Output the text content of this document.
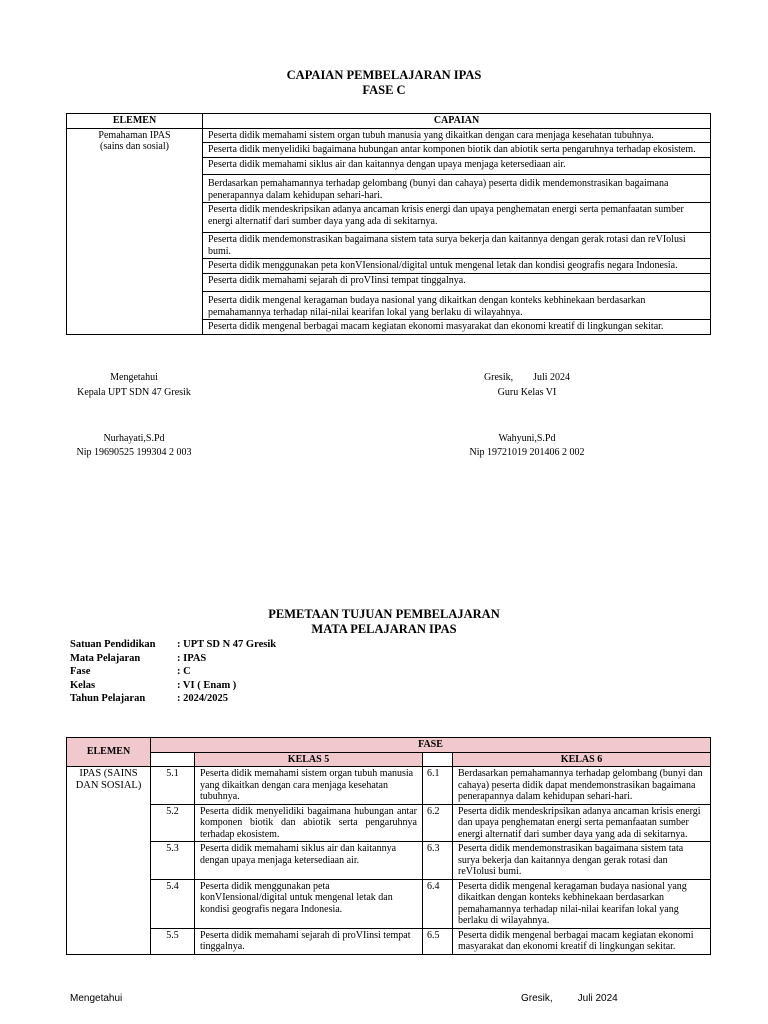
CAPAIAN PEMBELAJARAN IPAS
FASE C
ELEMEN	CAPAIAN

Pemahaman IPAS
(sains dan sosial)	Peserta didik memahami sistem organ tubuh manusia yang dikaitkan dengan cara menjaga kesehatan tubuhnya.
	Peserta didik menyelidiki bagaimana hubungan antar komponen biotik dan abiotik serta pengaruhnya terhadap ekosistem.
	Peserta didik memahami siklus air dan kaitannya dengan upaya menjaga ketersediaan air.
	Berdasarkan pemahamannya terhadap gelombang (bunyi dan cahaya) peserta didik mendemonstrasikan bagaimana penerapannya dalam kehidupan sehari-hari.
	Peserta didik mendeskripsikan adanya ancaman krisis energi dan upaya penghematan energi serta pemanfaatan sumber energi alternatif dari sumber daya yang ada di sekitarnya.
	Peserta didik mendemonstrasikan bagaimana sistem tata surya bekerja dan kaitannya dengan gerak rotasi dan reVIolusi bumi.
	Peserta didik menggunakan peta konVIensional/digital untuk mengenal letak dan kondisi geografis negara Indonesia.
	Peserta didik memahami sejarah di proVIinsi tempat tinggalnya.
	Peserta didik mengenal keragaman budaya nasional yang dikaitkan dengan konteks kebhinekaan berdasarkan pemahamannya terhadap nilai-nilai kearifan lokal yang berlaku di wilayahnya.
	Peserta didik mengenal berbagai macam kegiatan ekonomi masyarakat dan ekonomi kreatif di lingkungan sekitar.
Mengetahui
Kepala UPT SDN 47 Gresik
Nurhayati,S.Pd
Nip 19690525 199304 2 003
Gresik,        Juli 2024
Guru Kelas VI
Wahyuni,S.Pd
Nip 19721019 201406 2 002
PEMETAAN TUJUAN PEMBELAJARAN
MATA PELAJARAN IPAS
Satuan Pendidikan : UPT SD N 47 Gresik
Mata Pelajaran	: IPAS
Fase	: C
Kelas	: VI ( Enam )
Tahun Pelajaran	: 2024/2025
ELEMEN	FASE			
		KELAS 5		KELAS 6

IPAS (SAINS
DAN SOSIAL)	5.1	Peserta didik memahami sistem organ tubuh manusia yang dikaitkan dengan cara menjaga kesehatan tubuhnya.	6.1	Berdasarkan pemahamannya terhadap gelombang (bunyi dan cahaya) peserta didik dapat mendemonstrasikan bagaimana penerapannya dalam kehidupan sehari-hari.
	5.2	Peserta didik menyelidiki bagaimana hubungan antar komponen biotik dan abiotik serta pengaruhnya terhadap ekosistem.	6.2	Peserta didik mendeskripsikan adanya ancaman krisis energi dan upaya penghematan energi serta pemanfaatan sumber energi alternatif dari sumber daya yang ada di sekitarnya.
	5.3	Peserta didik memahami siklus air dan kaitannya dengan upaya menjaga ketersediaan air.	6.3	Peserta didik mendemonstrasikan bagaimana sistem tata surya bekerja dan kaitannya dengan gerak rotasi dan reVIolusi bumi.
	5.4	Peserta didik menggunakan peta konVIensional/digital untuk mengenal letak dan kondisi geografis negara Indonesia.	6.4	Peserta didik mengenal keragaman budaya nasional yang dikaitkan dengan konteks kebhinekaan berdasarkan pemahamannya terhadap nilai-nilai kearifan lokal yang berlaku di wilayahnya.
	5.5	Peserta didik memahami sejarah di proVIinsi tempat tinggalnya.	6.5	Peserta didik mengenal berbagai macam kegiatan ekonomi masyarakat dan ekonomi kreatif di lingkungan sekitar.
Mengetahui	Gresik,         Juli 2024
